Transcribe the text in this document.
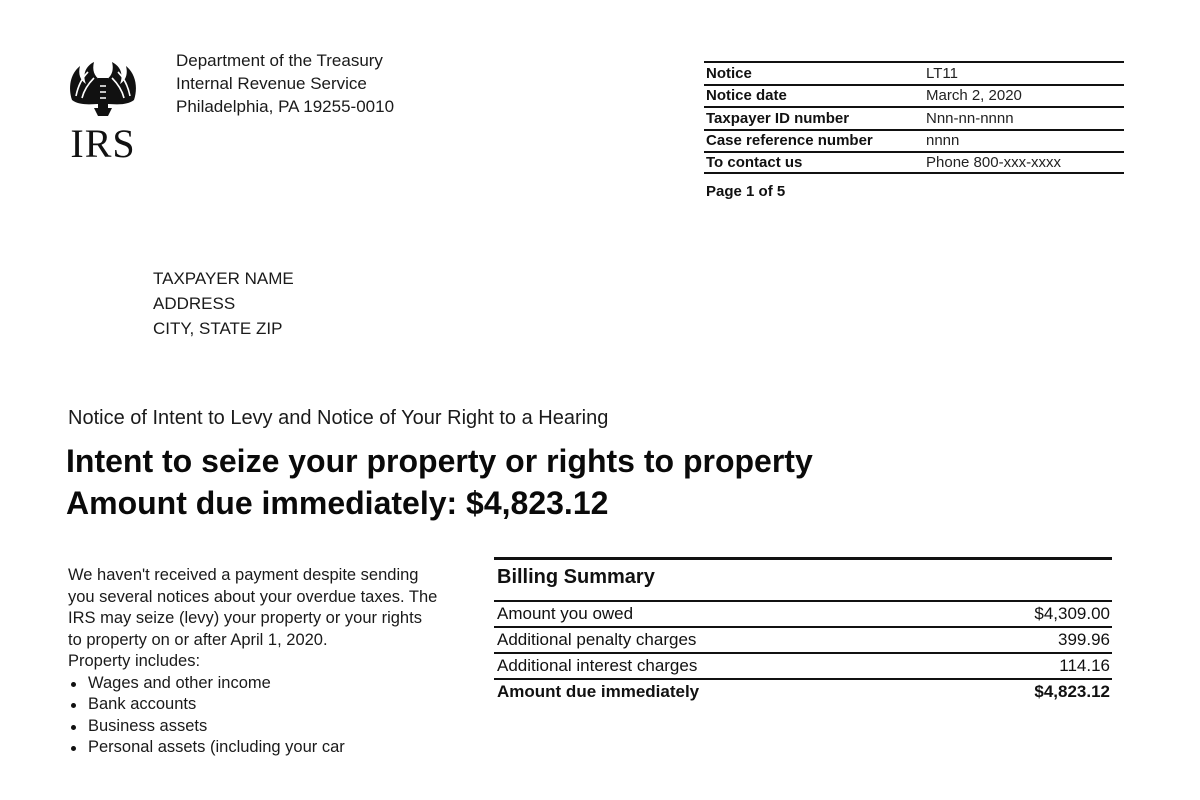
IRS
Department of the Treasury
Internal Revenue Service
Philadelphia, PA 19255-0010
Notice	LT11
Notice date	March 2, 2020
Taxpayer ID number	Nnn-nn-nnnn
Case reference number	nnnn
To contact us	Phone 800-xxx-xxxx
Page 1 of 5
TAXPAYER NAME
ADDRESS
CITY, STATE ZIP
Notice of Intent to Levy and Notice of Your Right to a Hearing
Intent to seize your property or rights to property
Amount due immediately: $4,823.12

We haven't received a payment despite sending you several notices about your overdue taxes. The IRS may seize (levy) your property or your rights to property on or after April 1, 2020.

Property includes:

Wages and other income
Bank accounts
Business assets
Personal assets (including your car
Billing Summary
Amount you owed	$4,309.00
Additional penalty charges	399.96
Additional interest charges	114.16
Amount due immediately	$4,823.12
